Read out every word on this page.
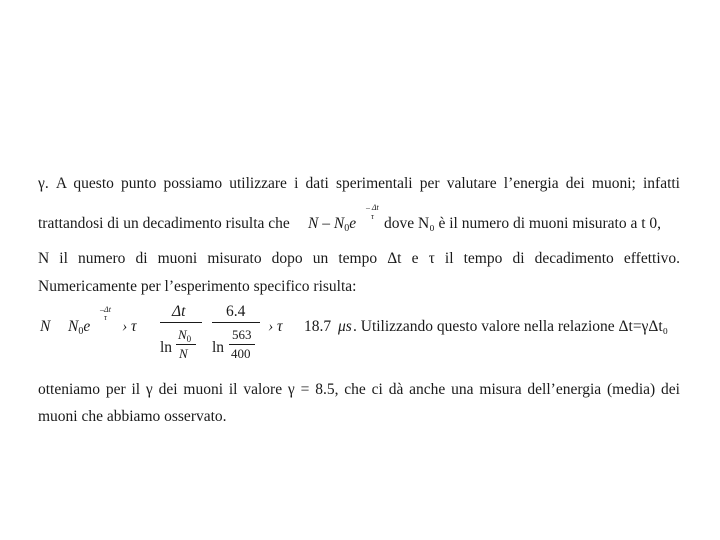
γ. A questo punto possiamo utilizzare i dati sperimentali per valutare l’energia dei muoni; infatti
trattandosi di un decadimento risulta che N – N0e
– Δt
τ dove N₀ è il numero di muoni misurato a t 0,
N il numero di muoni misurato dopo un tempo Δt e τ il tempo di decadimento effettivo.
Numericamente per l’esperimento specifico risulta:
N N0e
–Δt
τ
› τ
Δt
ln
$N_0$
N
6.4
ln
563
400
› τ 18.7 μs . Utilizzando questo valore nella relazione Δt=γΔt₀
otteniamo per il γ dei muoni il valore γ = 8.5, che ci dà anche una misura dell’energia (media) dei
muoni che abbiamo osservato.
